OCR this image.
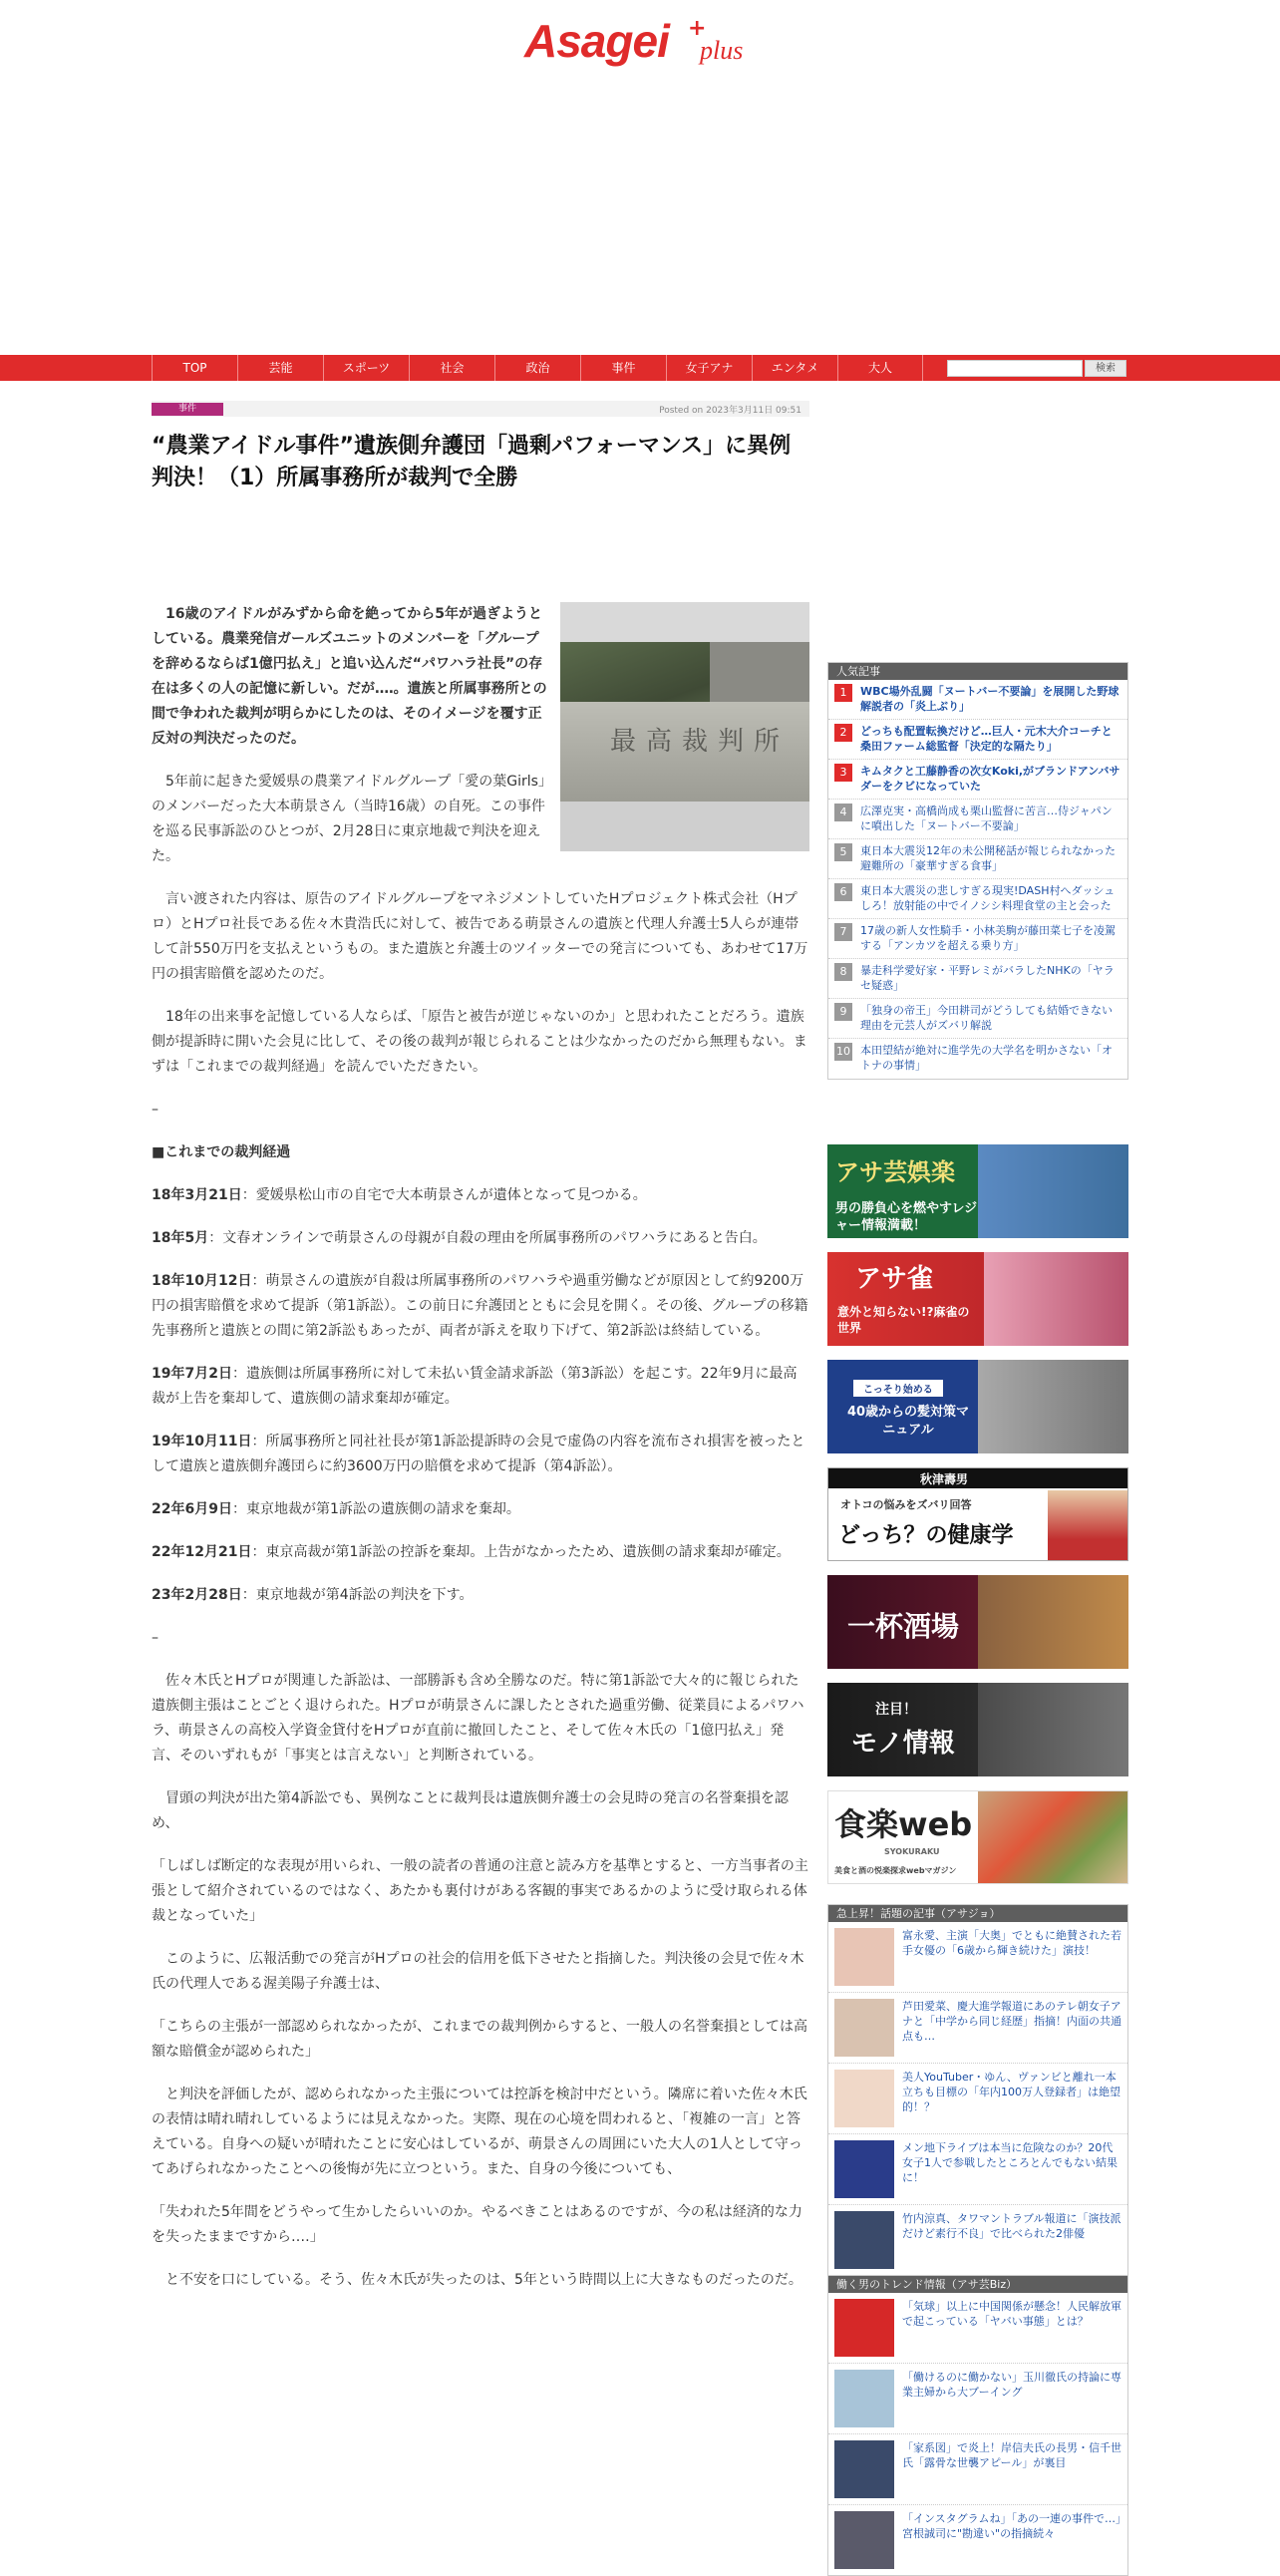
Asagei +
plus
TOP	芸能	スポーツ	社会	政治	事件	女子アナ	エンタメ	大人	検索
事件	Posted on 2023年3月11日 09:51
“農業アイドル事件”遺族側弁護団「過剰パフォーマンス」に異例判決！（1）所属事務所が裁判で全勝
最高裁判所

16歳のアイドルがみずから命を絶ってから5年が過ぎようとしている。農業発信ガールズユニットのメンバーを「グループを辞めるならば1億円払え」と追い込んだ“パワハラ社長”の存在は多くの人の記憶に新しい。だが‥‥。遺族と所属事務所との間で争われた裁判が明らかにしたのは、そのイメージを覆す正反対の判決だったのだ。

5年前に起きた愛媛県の農業アイドルグループ「愛の葉Girls」のメンバーだった大本萌景さん（当時16歳）の自死。この事件を巡る民事訴訟のひとつが、2月28日に東京地裁で判決を迎えた。

言い渡された内容は、原告のアイドルグループをマネジメントしていたHプロジェクト株式会社（Hプロ）とHプロ社長である佐々木貴浩氏に対して、被告である萌景さんの遺族と代理人弁護士5人らが連帯して計550万円を支払えというもの。また遺族と弁護士のツイッターでの発言についても、あわせて17万円の損害賠償を認めたのだ。

18年の出来事を記憶している人ならば、「原告と被告が逆じゃないのか」と思われたことだろう。遺族側が提訴時に開いた会見に比して、その後の裁判が報じられることは少なかったのだから無理もない。まずは「これまでの裁判経過」を読んでいただきたい。

–

■これまでの裁判経過

18年3月21日：愛媛県松山市の自宅で大本萌景さんが遺体となって見つかる。

18年5月：文春オンラインで萌景さんの母親が自殺の理由を所属事務所のパワハラにあると告白。

18年10月12日：萌景さんの遺族が自殺は所属事務所のパワハラや過重労働などが原因として約9200万円の損害賠償を求めて提訴（第1訴訟）。この前日に弁護団とともに会見を開く。その後、グループの移籍先事務所と遺族との間に第2訴訟もあったが、両者が訴えを取り下げて、第2訴訟は終結している。

19年7月2日：遺族側は所属事務所に対して未払い賃金請求訴訟（第3訴訟）を起こす。22年9月に最高裁が上告を棄却して、遺族側の請求棄却が確定。

19年10月11日：所属事務所と同社社長が第1訴訟提訴時の会見で虚偽の内容を流布され損害を被ったとして遺族と遺族側弁護団らに約3600万円の賠償を求めて提訴（第4訴訟）。

22年6月9日：東京地裁が第1訴訟の遺族側の請求を棄却。

22年12月21日：東京高裁が第1訴訟の控訴を棄却。上告がなかったため、遺族側の請求棄却が確定。

23年2月28日：東京地裁が第4訴訟の判決を下す。

–

佐々木氏とHプロが関連した訴訟は、一部勝訴も含め全勝なのだ。特に第1訴訟で大々的に報じられた遺族側主張はことごとく退けられた。Hプロが萌景さんに課したとされた過重労働、従業員によるパワハラ、萌景さんの高校入学資金貸付をHプロが直前に撤回したこと、そして佐々木氏の「1億円払え」発言、そのいずれもが「事実とは言えない」と判断されている。

冒頭の判決が出た第4訴訟でも、異例なことに裁判長は遺族側弁護士の会見時の発言の名誉棄損を認め、

「しばしば断定的な表現が用いられ、一般の読者の普通の注意と読み方を基準とすると、一方当事者の主張として紹介されているのではなく、あたかも裏付けがある客観的事実であるかのように受け取られる体裁となっていた」

このように、広報活動での発言がHプロの社会的信用を低下させたと指摘した。判決後の会見で佐々木氏の代理人である渥美陽子弁護士は、

「こちらの主張が一部認められなかったが、これまでの裁判例からすると、一般人の名誉棄損としては高額な賠償金が認められた」

と判決を評価したが、認められなかった主張については控訴を検討中だという。隣席に着いた佐々木氏の表情は晴れ晴れしているようには見えなかった。実際、現在の心境を問われると、「複雑の一言」と答えている。自身への疑いが晴れたことに安心はしているが、萌景さんの周囲にいた大人の1人として守ってあげられなかったことへの後悔が先に立つという。また、自身の今後についても、

「失われた5年間をどうやって生かしたらいいのか。やるべきことはあるのですが、今の私は経済的な力を失ったままですから‥‥」

と不安を口にしている。そう、佐々木氏が失ったのは、5年という時間以上に大きなものだったのだ。

人気記事
1	WBC場外乱闘「ヌートバー不要論」を展開した野球解説者の「炎上ぶり」
2	どっちも配置転換だけど…巨人・元木大介コーチと桑田ファーム総監督「決定的な隔たり」
3	キムタクと工藤静香の次女Koki,がブランドアンバサダーをクビになっていた
4	広澤克実・高橋尚成も栗山監督に苦言…侍ジャパンに噴出した「ヌートバー不要論」
5	東日本大震災12年の未公開秘話が報じられなかった避難所の「豪華すぎる食事」
6	東日本大震災の悲しすぎる現実!DASH村へダッシュしろ！放射能の中でイノシシ料理食堂の主と会った
7	17歳の新人女性騎手・小林美駒が藤田菜七子を凌駕する「アンカツを超える乗り方」
8	暴走科学愛好家・平野レミがバラしたNHKの「ヤラセ疑惑」
9	「独身の帝王」今田耕司がどうしても結婚できない理由を元芸人がズバリ解説
10 本田望結が絶対に進学先の大学名を明かさない「オトナの事情」
アサ芸娯楽
男の勝負心を燃やすレジャー情報満載！
アサ雀
意外と知らない!?麻雀の世界
こっそり始める
40歳からの髪対策マニュアル
秋津壽男
オトコの悩みをズバリ回答
どっち？の健康学
一杯酒場
注目！
モノ情報
食楽web
SYOKURAKU
美食と酒の悦楽探求webマガジン
急上昇！話題の記事（アサジョ）
富永愛、主演「大奥」でともに絶賛された若手女優の「6歳から輝き続けた」演技！
芦田愛菜、慶大進学報道にあのテレ朝女子アナと「中学から同じ経歴」指摘！内面の共通点も…
美人YouTuber・ゆん、ヴァンビと離れ一本立ちも目標の「年内100万人登録者」は絶望的！？
メン地下ライブは本当に危険なのか？20代女子1人で参戦したところとんでもない結果に！
竹内涼真、タワマントラブル報道に「演技派だけど素行不良」で比べられた2俳優
働く男のトレンド情報（アサ芸Biz）
「気球」以上に中国関係が懸念！人民解放軍で起こっている「ヤバい事態」とは？
「働けるのに働かない」玉川徹氏の持論に専業主婦から大ブーイング
「家系図」で炎上！岸信夫氏の長男・信千世氏「露骨な世襲アピール」が裏目
「インスタグラムね」「あの一連の事件で…」宮根誠司に"勘違い"の指摘続々
